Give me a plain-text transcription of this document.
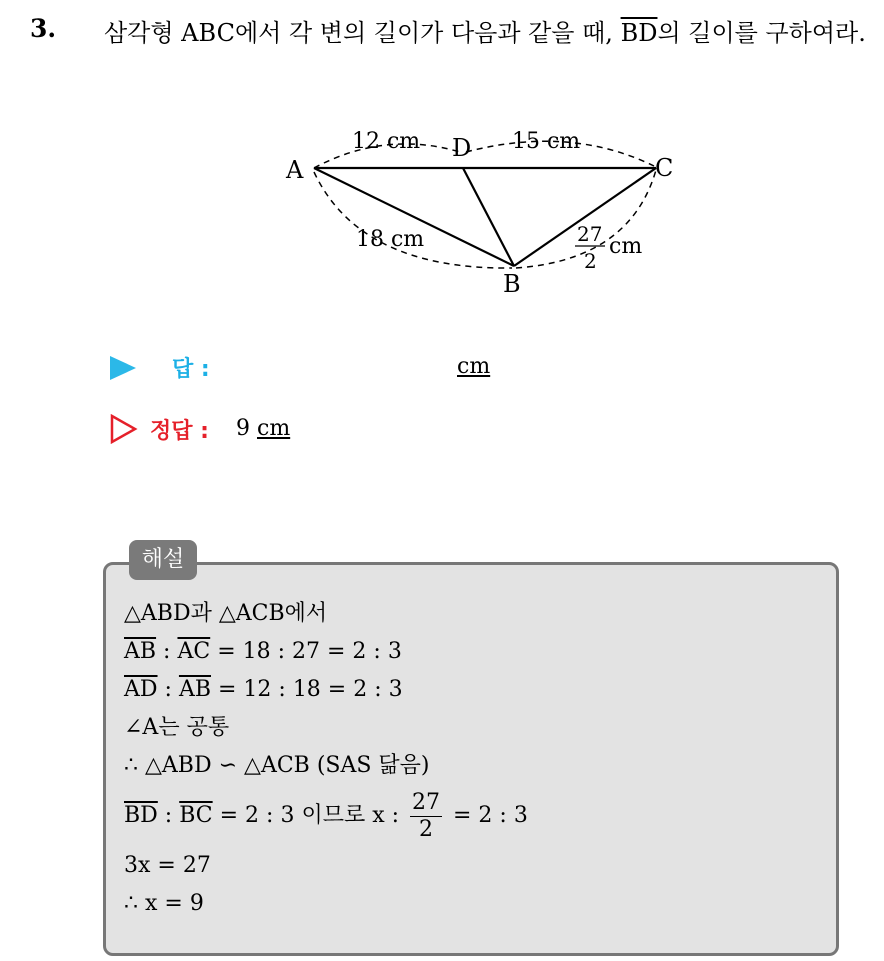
3. 삼각형 ABC에서 각 변의 길이가 다음과 같을 때, $\overline{BD}$의 길이를 구하여라.
A
D
C
B
12 cm	15 cm
18 cm	27
2
cm
답 :	cm
정답 : 9 cm
해설
△ABD과 △ACB에서
$\overline{AB}$ : $\overline{AC} = 18$ : 27 = 2 : 3
$\overline{AD}$ : $\overline{AB} = 12$ : 18 = 2 : 3
∠A는 공통
∴ △ABD ∽ △ACB (SAS 닮음)
$\overline{BD}$ : $\overline{BC} = 2$ : 3 이므로 x : $\frac{27}{2} = 2$ : 3
3x = 27
∴ x = 9
